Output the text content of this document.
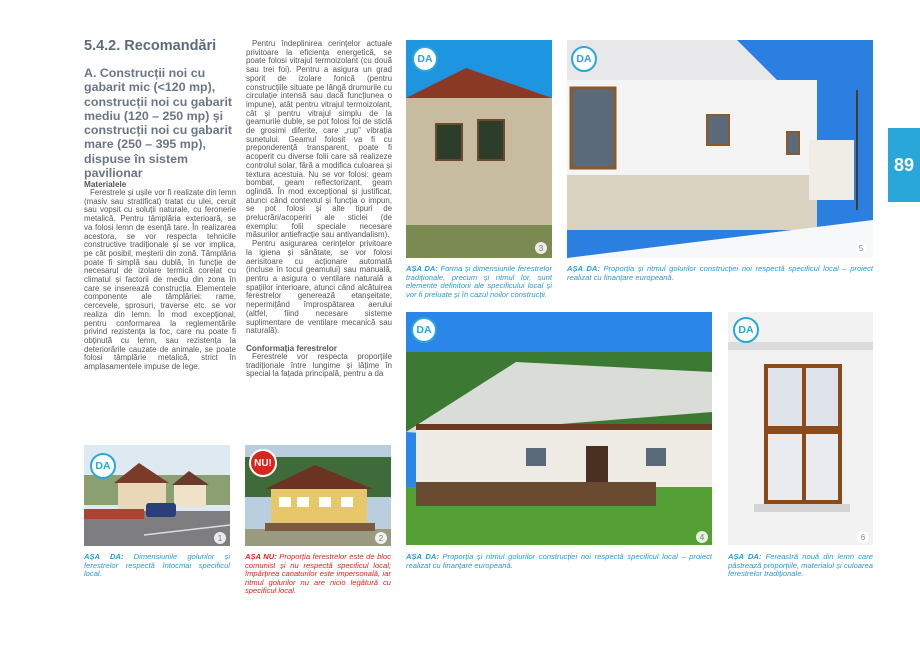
89
5.4.2. Recomandări

A. Construcții noi cu gabarit mic (<120 mp), construcții noi cu gabarit mediu (120 – 250 mp) și construcții noi cu gabarit mare (250 – 395 mp), dispuse în sistem pavilionar

Materialele

Ferestrele și ușile vor fi realizate din lemn (masiv sau stratificat) tratat cu ulei, ceruit sau vopsit cu soluții naturale, cu feronerie metalică. Pentru tâmplăria exterioară, se va folosi lemn de esență tare. În realizarea acestora, se vor respecta tehnicile constructive tradiționale și se vor implica, pe cât posibil, meșterii din zonă. Tâmplăria poate fi simplă sau dublă, în funcție de necesarul de izolare termică corelat cu climatul și factorii de mediu din zona în care se inserează construcția. Elementele componente ale tâmplăriei: rame, cercevele, șprosuri, traverse etc. se vor realiza din lemn. În mod excepțional, pentru conformarea la reglementările privind rezistența la foc, care nu poate fi obținută cu lemn, sau rezistența la deteriorările cauzate de animale, se poate folosi tâmplărie metalică, strict în amplasamentele impuse de lege.

Pentru îndeplinirea cerințelor actuale privitoare la eficiența energetică, se poate folosi vitrajul termoizolant (cu două sau trei foi). Pentru a asigura un grad sporit de izolare fonică (pentru construcțiile situate pe lângă drumurile cu circulație intensă sau dacă funcțiunea o impune), atât pentru vitrajul termoizolant, cât și pentru vitrajul simplu de la geamurile duble, se pot folosi foi de sticlă de grosimi diferite, care „rup” vibrația sunetului. Geamul folosit va fi cu preponderență transparent, poate fi acoperit cu diverse folii care să realizeze controlul solar, fără a modifica culoarea și textura acestuia. Nu se vor folosi: geam bombat, geam reflectorizant, geam oglindă. În mod excepțional și justificat, atunci când contextul și funcția o impun, se pot folosi și alte tipuri de prelucrări/acoperiri ale sticlei (de exemplu: folii speciale necesare măsurilor antiefracție sau antivandalism).

Pentru asigurarea cerințelor privitoare la igiena și sănătate, se vor folosi aerisitoare cu acționare automată (incluse în tocul geamului) sau manuală, pentru a asigura o ventilare naturală a spațiilor interioare, atunci când alcătuirea ferestrelor generează etanșeitate, nepermițând împrospătarea aerului (altfel, fiind necesare sisteme suplimentare de ventilare mecanică sau naturală).

Conformația ferestrelor

Ferestrele vor respecta proporțiile tradiționale între lungime și lățime în special la fațada principală, pentru a da

DA
1
NU!
2
DA
3

AȘA DA: Forma și dimensiunile ferestrelor tradiționale, precum și ritmul lor, sunt elemente definitorii ale specificului local și vor fi preluate și în cazul noilor construcții.

DA
5

AȘA DA: Proporția și ritmul golurilor construcției noi respectă specificul local – proiect realizat cu finanțare europeană.

DA
4

AȘA DA: Proporția și ritmul golurilor construcției noi respectă specificul local – proiect realizat cu finanțare europeană.

DA
6

AȘA DA: Fereastră nouă din lemn care păstrează proporțiile, materialul și culoarea ferestrelor tradiționale.

AȘA DA: Dimensiunile golurilor și ferestrelor respectă întocmai specificul local.

AȘA NU: Proporția ferestrelor este de bloc comunist și nu respectă specificul local; împărțirea canaturilor este impersonală, iar ritmul golurilor nu are nicio legătură cu specificul local.
